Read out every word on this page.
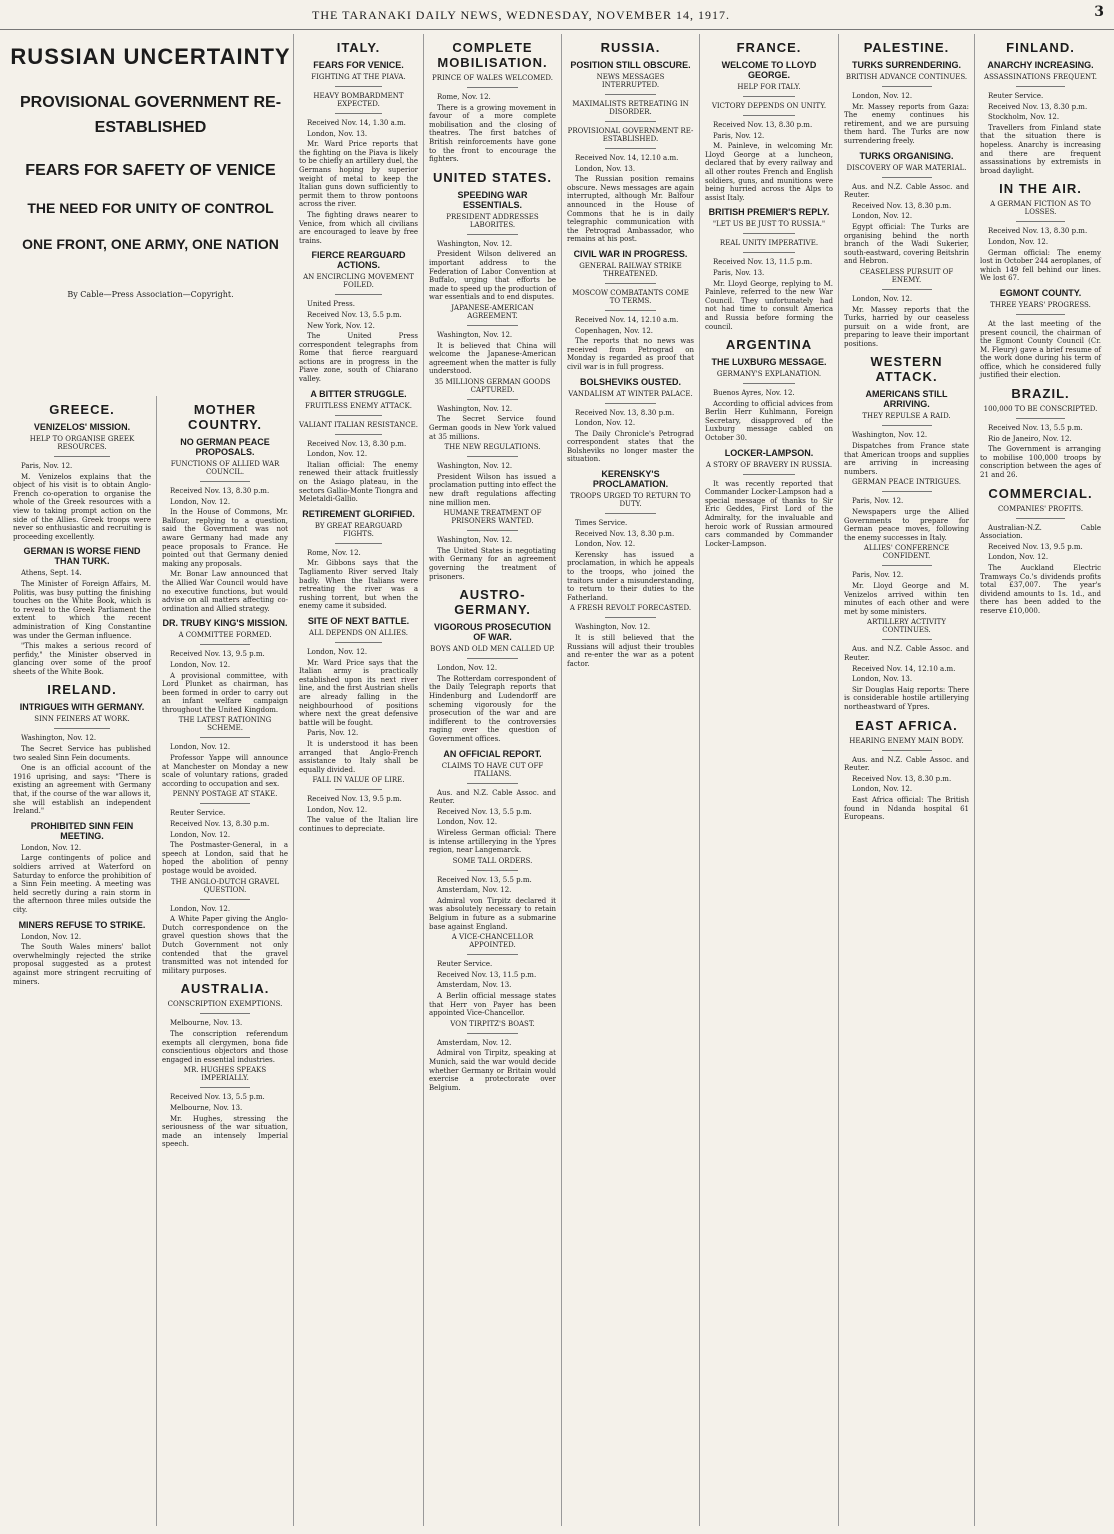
THE TARANAKI DAILY NEWS, WEDNESDAY, NOVEMBER 14, 1917.	3
RUSSIAN UNCERTAINTY
PROVISIONAL GOVERNMENT RE-ESTABLISHED
FEARS FOR SAFETY OF VENICE
THE NEED FOR UNITY OF CONTROL
ONE FRONT, ONE ARMY, ONE NATION
By Cable—Press Association—Copyright.
GREECE.
VENIZELOS' MISSION.
HELP TO ORGANISE GREEK RESOURCES.

Paris, Nov. 12.

M. Venizelos explains that the object of his visit is to obtain Anglo-French co-operation to organise the whole of the Greek resources with a view to taking prompt action on the side of the Allies. Greek troops were never so enthusiastic and recruiting is proceeding excellently.

GERMAN IS WORSE FIEND THAN TURK.

Athens, Sept. 14.

The Minister of Foreign Affairs, M. Politis, was busy putting the finishing touches on the White Book, which is to reveal to the Greek Parliament the extent to which the recent administration of King Constantine was under the German influence.

"This makes a serious record of perfidy," the Minister observed in glancing over some of the proof sheets of the White Book.

IRELAND.
INTRIGUES WITH GERMANY.
SINN FEINERS AT WORK.

Washington, Nov. 12.

The Secret Service has published two sealed Sinn Fein documents.

One is an official account of the 1916 uprising, and says: "There is existing an agreement with Germany that, if the course of the war allows it, she will establish an independent Ireland."

PROHIBITED SINN FEIN MEETING.

London, Nov. 12.

Large contingents of police and soldiers arrived at Waterford on Saturday to enforce the prohibition of a Sinn Fein meeting. A meeting was held secretly during a rain storm in the afternoon three miles outside the city.

MINERS REFUSE TO STRIKE.

London, Nov. 12.

The South Wales miners' ballot overwhelmingly rejected the strike proposal suggested as a protest against more stringent recruiting of miners.

MOTHER COUNTRY.
NO GERMAN PEACE PROPOSALS.
FUNCTIONS OF ALLIED WAR COUNCIL.

Received Nov. 13, 8.30 p.m.

London, Nov. 12.

In the House of Commons, Mr. Balfour, replying to a question, said the Government was not aware Germany had made any peace proposals to France. He pointed out that Germany denied making any proposals.

Mr. Bonar Law announced that the Allied War Council would have no executive functions, but would advise on all matters affecting co-ordination and Allied strategy.

DR. TRUBY KING'S MISSION.
A COMMITTEE FORMED.

Received Nov. 13, 9.5 p.m.

London, Nov. 12.

A provisional committee, with Lord Plunket as chairman, has been formed in order to carry out an infant welfare campaign throughout the United Kingdom.

THE LATEST RATIONING SCHEME.

London, Nov. 12.

Professor Yappe will announce at Manchester on Monday a new scale of voluntary rations, graded according to occupation and sex.

PENNY POSTAGE AT STAKE.

Reuter Service.

Received Nov. 13, 8.30 p.m.

London, Nov. 12.

The Postmaster-General, in a speech at London, said that he hoped the abolition of penny postage would be avoided.

THE ANGLO-DUTCH GRAVEL QUESTION.

London, Nov. 12.

A White Paper giving the Anglo-Dutch correspondence on the gravel question shows that the Dutch Government not only contended that the gravel transmitted was not intended for military purposes.

AUSTRALIA.
CONSCRIPTION EXEMPTIONS.

Melbourne, Nov. 13.

The conscription referendum exempts all clergymen, bona fide conscientious objectors and those engaged in essential industries.

MR. HUGHES SPEAKS IMPERIALLY.

Received Nov. 13, 5.5 p.m.

Melbourne, Nov. 13.

Mr. Hughes, stressing the seriousness of the war situation, made an intensely Imperial speech.

ITALY.
FEARS FOR VENICE.
FIGHTING AT THE PIAVA.
HEAVY BOMBARDMENT EXPECTED.

Received Nov. 14, 1.30 a.m.

London, Nov. 13.

Mr. Ward Price reports that the fighting on the Piava is likely to be chiefly an artillery duel, the Germans hoping by superior weight of metal to keep the Italian guns down sufficiently to permit them to throw pontoons across the river.

The fighting draws nearer to Venice, from which all civilians are encouraged to leave by free trains.

FIERCE REARGUARD ACTIONS.
AN ENCIRCLING MOVEMENT FOILED.

United Press.

Received Nov. 13, 5.5 p.m.

New York, Nov. 12.

The United Press correspondent telegraphs from Rome that fierce rearguard actions are in progress in the Piave zone, south of Chiarano valley.

A BITTER STRUGGLE.
FRUITLESS ENEMY ATTACK.
VALIANT ITALIAN RESISTANCE.

Received Nov. 13, 8.30 p.m.

London, Nov. 12.

Italian official: The enemy renewed their attack fruitlessly on the Asiago plateau, in the sectors Gallio-Monte Tiongra and Meletaldi-Gallio.

RETIREMENT GLORIFIED.
BY GREAT REARGUARD FIGHTS.

Rome, Nov. 12.

Mr. Gibbons says that the Tagliamento River served Italy badly. When the Italians were retreating the river was a rushing torrent, but when the enemy came it subsided.

SITE OF NEXT BATTLE.
ALL DEPENDS ON ALLIES.

London, Nov. 12.

Mr. Ward Price says that the Italian army is practically established upon its next river line, and the first Austrian shells are already falling in the neighbourhood of positions where next the great defensive battle will be fought.

Paris, Nov. 12.

It is understood it has been arranged that Anglo-French assistance to Italy shall be equally divided.

FALL IN VALUE OF LIRE.

Received Nov. 13, 9.5 p.m.

London, Nov. 12.

The value of the Italian lire continues to depreciate.

COMPLETE MOBILISATION.
PRINCE OF WALES WELCOMED.

Rome, Nov. 12.

There is a growing movement in favour of a more complete mobilisation and the closing of theatres. The first batches of British reinforcements have gone to the front to encourage the fighters.

UNITED STATES.
SPEEDING WAR ESSENTIALS.
PRESIDENT ADDRESSES LABORITES.

Washington, Nov. 12.

President Wilson delivered an important address to the Federation of Labor Convention at Buffalo, urging that efforts be made to speed up the production of war essentials and to end disputes.

JAPANESE-AMERICAN AGREEMENT.

Washington, Nov. 12.

It is believed that China will welcome the Japanese-American agreement when the matter is fully understood.

35 MILLIONS GERMAN GOODS CAPTURED.

Washington, Nov. 12.

The Secret Service found German goods in New York valued at 35 millions.

THE NEW REGULATIONS.

Washington, Nov. 12.

President Wilson has issued a proclamation putting into effect the new draft regulations affecting nine million men.

HUMANE TREATMENT OF PRISONERS WANTED.

Washington, Nov. 12.

The United States is negotiating with Germany for an agreement governing the treatment of prisoners.

AUSTRO-GERMANY.
VIGOROUS PROSECUTION OF WAR.
BOYS AND OLD MEN CALLED UP.

London, Nov. 12.

The Rotterdam correspondent of the Daily Telegraph reports that Hindenburg and Ludendorff are scheming vigorously for the prosecution of the war and are indifferent to the controversies raging over the question of Government offices.

AN OFFICIAL REPORT.
CLAIMS TO HAVE CUT OFF ITALIANS.

Aus. and N.Z. Cable Assoc. and Reuter.

Received Nov. 13, 5.5 p.m.

London, Nov. 12.

Wireless German official: There is intense artillerying in the Ypres region, near Langemarck.

SOME TALL ORDERS.

Received Nov. 13, 5.5 p.m.

Amsterdam, Nov. 12.

Admiral von Tirpitz declared it was absolutely necessary to retain Belgium in future as a submarine base against England.

A VICE-CHANCELLOR APPOINTED.

Reuter Service.

Received Nov. 13, 11.5 p.m.

Amsterdam, Nov. 13.

A Berlin official message states that Herr von Payer has been appointed Vice-Chancellor.

VON TIRPITZ'S BOAST.

Amsterdam, Nov. 12.

Admiral von Tirpitz, speaking at Munich, said the war would decide whether Germany or Britain would exercise a protectorate over Belgium.

RUSSIA.
POSITION STILL OBSCURE.
NEWS MESSAGES INTERRUPTED.
MAXIMALISTS RETREATING IN DISORDER.
PROVISIONAL GOVERNMENT RE-ESTABLISHED.

Received Nov. 14, 12.10 a.m.

London, Nov. 13.

The Russian position remains obscure. News messages are again interrupted, although Mr. Balfour announced in the House of Commons that he is in daily telegraphic communication with the Petrograd Ambassador, who remains at his post.

CIVIL WAR IN PROGRESS.
GENERAL RAILWAY STRIKE THREATENED.
MOSCOW COMBATANTS COME TO TERMS.

Received Nov. 14, 12.10 a.m.

Copenhagen, Nov. 12.

The reports that no news was received from Petrograd on Monday is regarded as proof that civil war is in full progress.

BOLSHEVIKS OUSTED.
VANDALISM AT WINTER PALACE.

Received Nov. 13, 8.30 p.m.

London, Nov. 12.

The Daily Chronicle's Petrograd correspondent states that the Bolsheviks no longer master the situation.

KERENSKY'S PROCLAMATION.
TROOPS URGED TO RETURN TO DUTY.

Times Service.

Received Nov. 13, 8.30 p.m.

London, Nov. 12.

Kerensky has issued a proclamation, in which he appeals to the troops, who joined the traitors under a misunderstanding, to return to their duties to the Fatherland.

A FRESH REVOLT FORECASTED.

Washington, Nov. 12.

It is still believed that the Russians will adjust their troubles and re-enter the war as a potent factor.

FRANCE.
WELCOME TO LLOYD GEORGE.
HELP FOR ITALY.
VICTORY DEPENDS ON UNITY.

Received Nov. 13, 8.30 p.m.

Paris, Nov. 12.

M. Painleve, in welcoming Mr. Lloyd George at a luncheon, declared that by every railway and all other routes French and English soldiers, guns, and munitions were being hurried across the Alps to assist Italy.

BRITISH PREMIER'S REPLY.
"LET US BE JUST TO RUSSIA."
REAL UNITY IMPERATIVE.

Received Nov. 13, 11.5 p.m.

Paris, Nov. 13.

Mr. Lloyd George, replying to M. Painleve, referred to the new War Council. They unfortunately had not had time to consult America and Russia before forming the council.

ARGENTINA
THE LUXBURG MESSAGE.
GERMANY'S EXPLANATION.

Buenos Ayres, Nov. 12.

According to official advices from Berlin Herr Kuhlmann, Foreign Secretary, disapproved of the Luxburg message cabled on October 30.

LOCKER-LAMPSON.
A STORY OF BRAVERY IN RUSSIA.

It was recently reported that Commander Locker-Lampson had a special message of thanks to Sir Eric Geddes, First Lord of the Admiralty, for the invaluable and heroic work of Russian armoured cars commanded by Commander Locker-Lampson.

PALESTINE.
TURKS SURRENDERING.
BRITISH ADVANCE CONTINUES.

London, Nov. 12.

Mr. Massey reports from Gaza: The enemy continues his retirement, and we are pursuing them hard. The Turks are now surrendering freely.

TURKS ORGANISING.
DISCOVERY OF WAR MATERIAL.

Aus. and N.Z. Cable Assoc. and Reuter.

Received Nov. 13, 8.30 p.m.

London, Nov. 12.

Egypt official: The Turks are organising behind the north branch of the Wadi Sukerier, south-eastward, covering Beitshrin and Hebron.

CEASELESS PURSUIT OF ENEMY.

London, Nov. 12.

Mr. Massey reports that the Turks, harried by our ceaseless pursuit on a wide front, are preparing to leave their important positions.

WESTERN ATTACK.
AMERICANS STILL ARRIVING.
THEY REPULSE A RAID.

Washington, Nov. 12.

Dispatches from France state that American troops and supplies are arriving in increasing numbers.

GERMAN PEACE INTRIGUES.

Paris, Nov. 12.

Newspapers urge the Allied Governments to prepare for German peace moves, following the enemy successes in Italy.

ALLIES' CONFERENCE CONFIDENT.

Paris, Nov. 12.

Mr. Lloyd George and M. Venizelos arrived within ten minutes of each other and were met by some ministers.

ARTILLERY ACTIVITY CONTINUES.

Aus. and N.Z. Cable Assoc. and Reuter.

Received Nov. 14, 12.10 a.m.

London, Nov. 13.

Sir Douglas Haig reports: There is considerable hostile artillerying northeastward of Ypres.

EAST AFRICA.
HEARING ENEMY MAIN BODY.

Aus. and N.Z. Cable Assoc. and Reuter.

Received Nov. 13, 8.30 p.m.

London, Nov. 12.

East Africa official: The British found in Ndanda hospital 61 Europeans.

FINLAND.
ANARCHY INCREASING.
ASSASSINATIONS FREQUENT.

Reuter Service.

Received Nov. 13, 8.30 p.m.

Stockholm, Nov. 12.

Travellers from Finland state that the situation there is hopeless. Anarchy is increasing and there are frequent assassinations by extremists in broad daylight.

IN THE AIR.
A GERMAN FICTION AS TO LOSSES.

Received Nov. 13, 8.30 p.m.

London, Nov. 12.

German official: The enemy lost in October 244 aeroplanes, of which 149 fell behind our lines. We lost 67.

EGMONT COUNTY.
THREE YEARS' PROGRESS.

At the last meeting of the present council, the chairman of the Egmont County Council (Cr. M. Fleury) gave a brief resume of the work done during his term of office, which he considered fully justified their election.

BRAZIL.
100,000 TO BE CONSCRIPTED.

Received Nov. 13, 5.5 p.m.

Rio de Janeiro, Nov. 12.

The Government is arranging to mobilise 100,000 troops by conscription between the ages of 21 and 26.

COMMERCIAL.
COMPANIES' PROFITS.

Australian-N.Z. Cable Association.

Received Nov. 13, 9.5 p.m.

London, Nov. 12.

The Auckland Electric Tramways Co.'s dividends profits total £37,007. The year's dividend amounts to 1s. 1d., and there has been added to the reserve £10,000.
